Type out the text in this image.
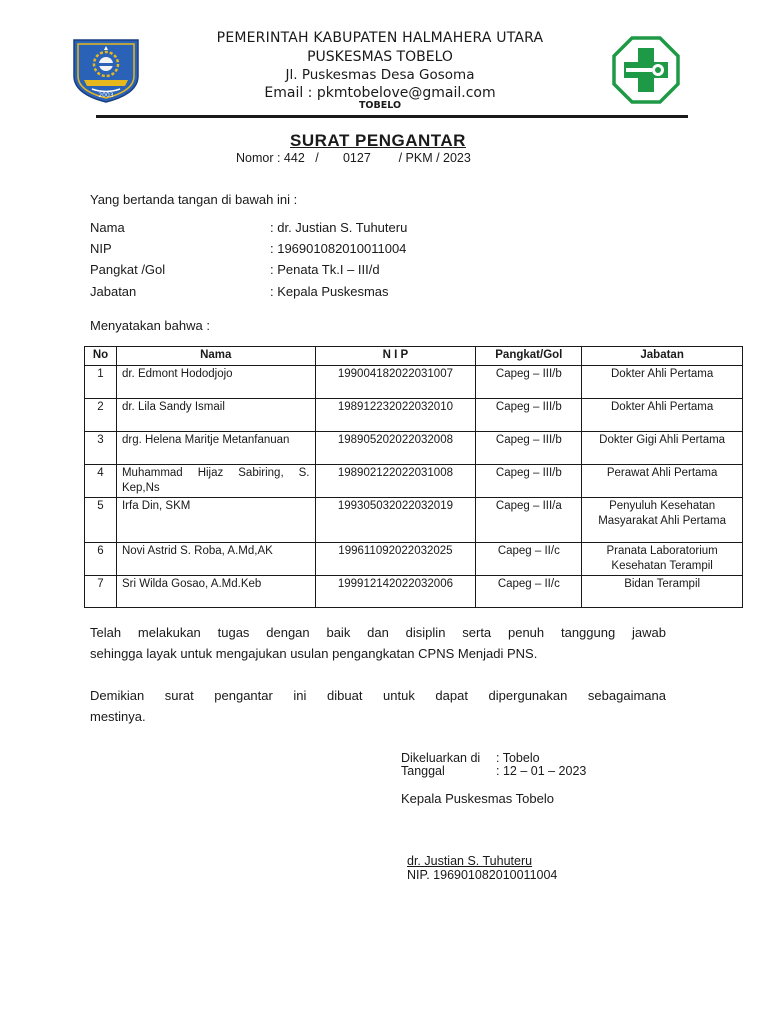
2003
PEMERINTAH KABUPATEN HALMAHERA UTARA
PUSKESMAS TOBELO
Jl. Puskesmas Desa Gosoma
Email : pkmtobelove@gmail.com
TOBELO
SURAT PENGANTAR
Nomor : 442   /       0127        / PKM / 2023
Yang bertanda tangan di bawah ini :
Nama	: dr. Justian S. Tuhuteru
NIP	: 196901082010011004
Pangkat /Gol	: Penata Tk.I – III/d
Jabatan	: Kepala Puskesmas
Menyatakan bahwa :
No	Nama	N I P	Pangkat/Gol	Jabatan
1	dr. Edmont Hododjojo	199004182022031007	Capeg – III/b	Dokter Ahli Pertama
2	dr. Lila Sandy Ismail	198912232022032010	Capeg – III/b	Dokter Ahli Pertama
3	drg. Helena Maritje Metanfanuan	198905202022032008	Capeg – III/b	Dokter Gigi Ahli Pertama
4	Muhammad Hijaz Sabiring, S. Kep,Ns	198902122022031008	Capeg – III/b	Perawat Ahli Pertama
5	Irfa Din, SKM	199305032022032019	Capeg – III/a	Penyuluh Kesehatan Masyarakat Ahli Pertama
6	Novi Astrid S. Roba, A.Md,AK	199611092022032025	Capeg – II/c	Pranata Laboratorium Kesehatan Terampil
7	Sri Wilda Gosao, A.Md.Keb	199912142022032006	Capeg – II/c	Bidan Terampil
Telah melakukan tugas dengan baik dan disiplin serta penuh tanggung jawab
sehingga layak untuk mengajukan usulan pengangkatan CPNS Menjadi PNS.
Demikian surat pengantar ini dibuat untuk dapat dipergunakan sebagaimana
mestinya.
Dikeluarkan di : Tobelo
Tanggal	: 12 – 01 – 2023
Kepala Puskesmas Tobelo
dr. Justian S. Tuhuteru
NIP. 196901082010011004
